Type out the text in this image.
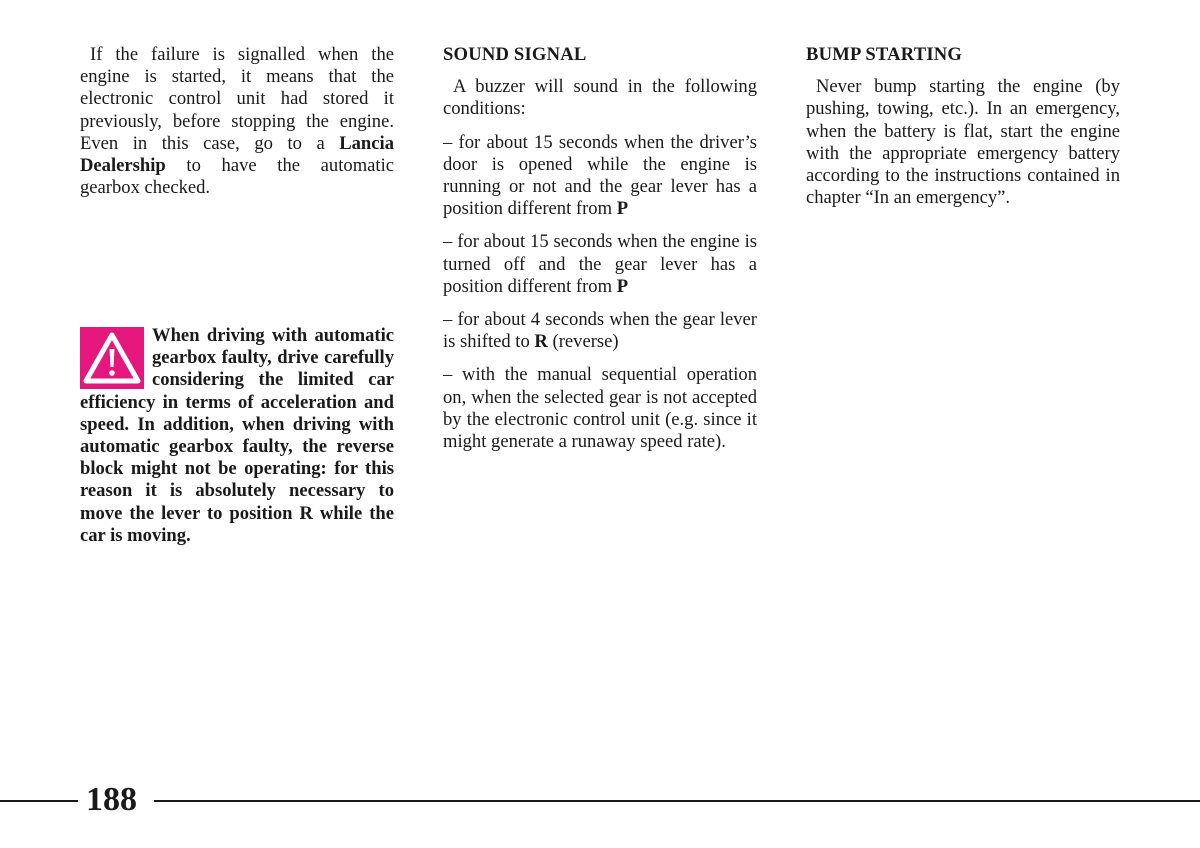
If the failure is signalled when the engine is started, it means that the electronic control unit had stored it previously, before stopping the engine. Even in this case, go to a Lancia Dealership to have the automatic gearbox checked.

When driving with automatic gearbox faulty, drive carefully considering the limited car efficiency in terms of acceleration and speed. In addition, when driving with automatic gearbox faulty, the reverse block might not be operating: for this reason it is absolutely necessary to move the lever to position R while the car is moving.

SOUND SIGNAL

A buzzer will sound in the following conditions:

– for about 15 seconds when the driver’s door is opened while the engine is running or not and the gear lever has a position different from P

– for about 15 seconds when the engine is turned off and the gear lever has a position different from P

– for about 4 seconds when the gear lever is shifted to R (reverse)

– with the manual sequential operation on, when the selected gear is not accepted by the electronic control unit (e.g. since it might generate a runaway speed rate).

BUMP STARTING

Never bump starting the engine (by pushing, towing, etc.). In an emergency, when the battery is flat, start the engine with the appropriate emergency battery according to the instructions contained in chapter “In an emergency”.

188
